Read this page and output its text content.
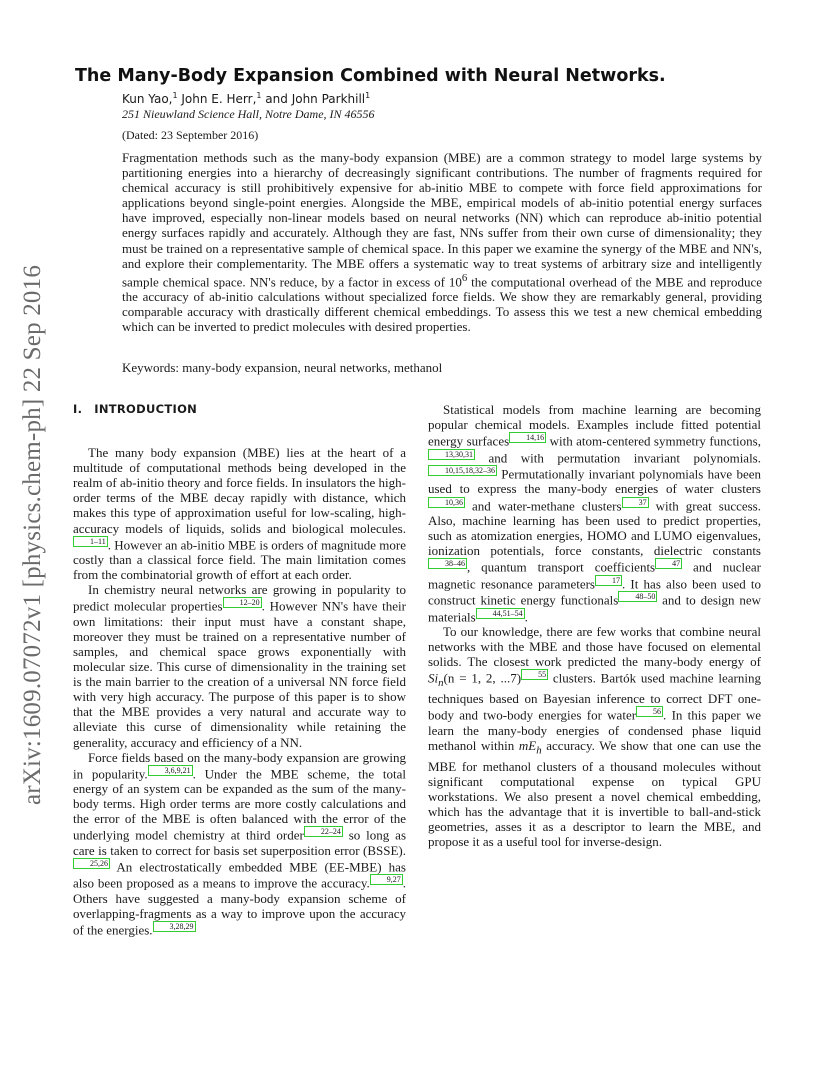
arXiv:1609.07072v1 [physics.chem-ph] 22 Sep 2016
The Many-Body Expansion Combined with Neural Networks.
Kun Yao,$^1$ John E. Herr,$^1$ and John Parkhill$^1$
251 Nieuwland Science Hall, Notre Dame, IN 46556
(Dated: 23 September 2016)

Fragmentation methods such as the many-body expansion (MBE) are a common strategy to model large systems by partitioning energies into a hierarchy of decreasingly significant contributions. The number of fragments required for chemical accuracy is still prohibitively expensive for ab-initio MBE to compete with force field approximations for applications beyond single-point energies. Alongside the MBE, empirical models of ab-initio potential energy surfaces have improved, especially non-linear models based on neural networks (NN) which can reproduce ab-initio potential energy surfaces rapidly and accurately. Although they are fast, NNs suffer from their own curse of dimensionality; they must be trained on a representative sample of chemical space. In this paper we examine the synergy of the MBE and NN's, and explore their complementarity. The MBE offers a systematic way to treat systems of arbitrary size and intelligently sample chemical space. NN's reduce, by a factor in excess of $10^6$ the computational overhead of the MBE and reproduce the accuracy of ab-initio calculations without specialized force fields. We show they are remarkably general, providing comparable accuracy with drastically different chemical embeddings. To assess this we test a new chemical embedding which can be inverted to predict molecules with desired properties.

Keywords: many-body expansion, neural networks, methanol
I. INTRODUCTION

The many body expansion (MBE) lies at the heart of a multitude of computational methods being developed in the realm of ab-initio theory and force fields. In insulators the high-order terms of the MBE decay rapidly with distance, which makes this type of approximation useful for low-scaling, high-accuracy models of liquids, solids and biological molecules.1–11 . However an ab-initio MBE is orders of magnitude more costly than a classical force field. The main limitation comes from the combinatorial growth of effort at each order.

In chemistry neural networks are growing in popularity to predict molecular properties 12–20 . However NN's have their own limitations: their input must have a constant shape, moreover they must be trained on a representative number of samples, and chemical space grows exponentially with molecular size. This curse of dimensionality in the training set is the main barrier to the creation of a universal NN force field with very high accuracy. The purpose of this paper is to show that the MBE provides a very natural and accurate way to alleviate this curse of dimensionality while retaining the generality, accuracy and efficiency of a NN.

Force fields based on the many-body expansion are growing in popularity. 3,6,9,21 . Under the MBE scheme, the total energy of an system can be expanded as the sum of the many-body terms. High order terms are more costly calculations and the error of the MBE is often balanced with the error of the underlying model chemistry at third order 22–24 so long as care is taken to correct for basis set superposition error (BSSE).25,26 An electrostatically embedded MBE (EE-MBE) has also been proposed as a means to improve the accuracy. 9,27 . Others have suggested a many-body expansion scheme of overlapping-fragments as a way to improve upon the accuracy of the energies. 3,28,29

Statistical models from machine learning are becoming popular chemical models. Examples include fitted potential energy surfaces 14,16 with atom-centered symmetry functions,13,30,31 and with permutation invariant polynomials.10,15,18,32–36 Permutationally invariant polynomials have been used to express the many-body energies of water clusters10,36 and water-methane clusters 37 with great success. Also, machine learning has been used to predict properties, such as atomization energies, HOMO and LUMO eigenvalues, ionization potentials, force constants, dielectric constants38–46 , quantum transport coefficients 47 and nuclear magnetic resonance parameters 17 . It has also been used to construct kinetic energy functionals 48–50 and to design new materials 44,51–54 .

To our knowledge, there are few works that combine neural networks with the MBE and those have focused on elemental solids. The closest work predicted the many-body energy of $Si_n(n = 1$, 2, ...7) 55 clusters. Bartók used machine learning techniques based on Bayesian inference to correct DFT one-body and two-body energies for water 56 . In this paper we learn the many-body energies of condensed phase liquid methanol within $mE_h$ accuracy. We show that one can use the MBE for methanol clusters of a thousand molecules without significant computational expense on typical GPU workstations. We also present a novel chemical embedding, which has the advantage that it is invertible to ball-and-stick geometries, asses it as a descriptor to learn the MBE, and propose it as a useful tool for inverse-design.
